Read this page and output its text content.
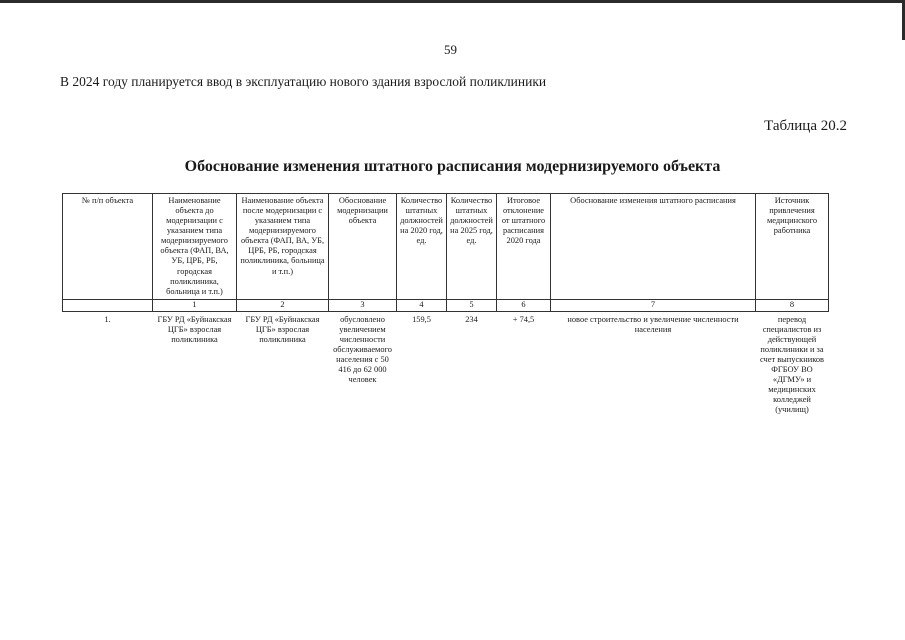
59
В 2024 году планируется ввод в эксплуатацию нового здания взрослой поликлиники
Таблица 20.2
Обоснование изменения штатного расписания модернизируемого объекта
№ п/п объекта	Наименование объекта до модернизации с указанием типа модернизируемого объекта (ФАП, ВА, УБ, ЦРБ, РБ, городская поликлиника, больница и т.п.)	Наименование объекта после модернизации с указанием типа модернизируемого объекта (ФАП, ВА, УБ, ЦРБ, РБ, городская поликлиника, больница и т.п.)	Обоснование модернизации объекта	Количество штатных должностей на 2020 год, ед.	Количество штатных должностей на 2025 год, ед.	Итоговое отклонение от штатного расписания 2020 года	Обоснование изменения штатного расписания	Источник привлечения медицинского работника
	1	2	3	4	5	6	7	8
1.	ГБУ РД «Буйнакская ЦГБ» взрослая поликлиника	ГБУ РД «Буйнакская ЦГБ» взрослая поликлиника	обусловлено увеличением численности обслуживаемого населения с 50 416 до 62 000 человек	159,5	234	+ 74,5	новое строительство и увеличение численности населения	перевод специалистов из действующей поликлиники и за счет выпускников ФГБОУ ВО «ДГМУ» и медицинских колледжей (училищ)
